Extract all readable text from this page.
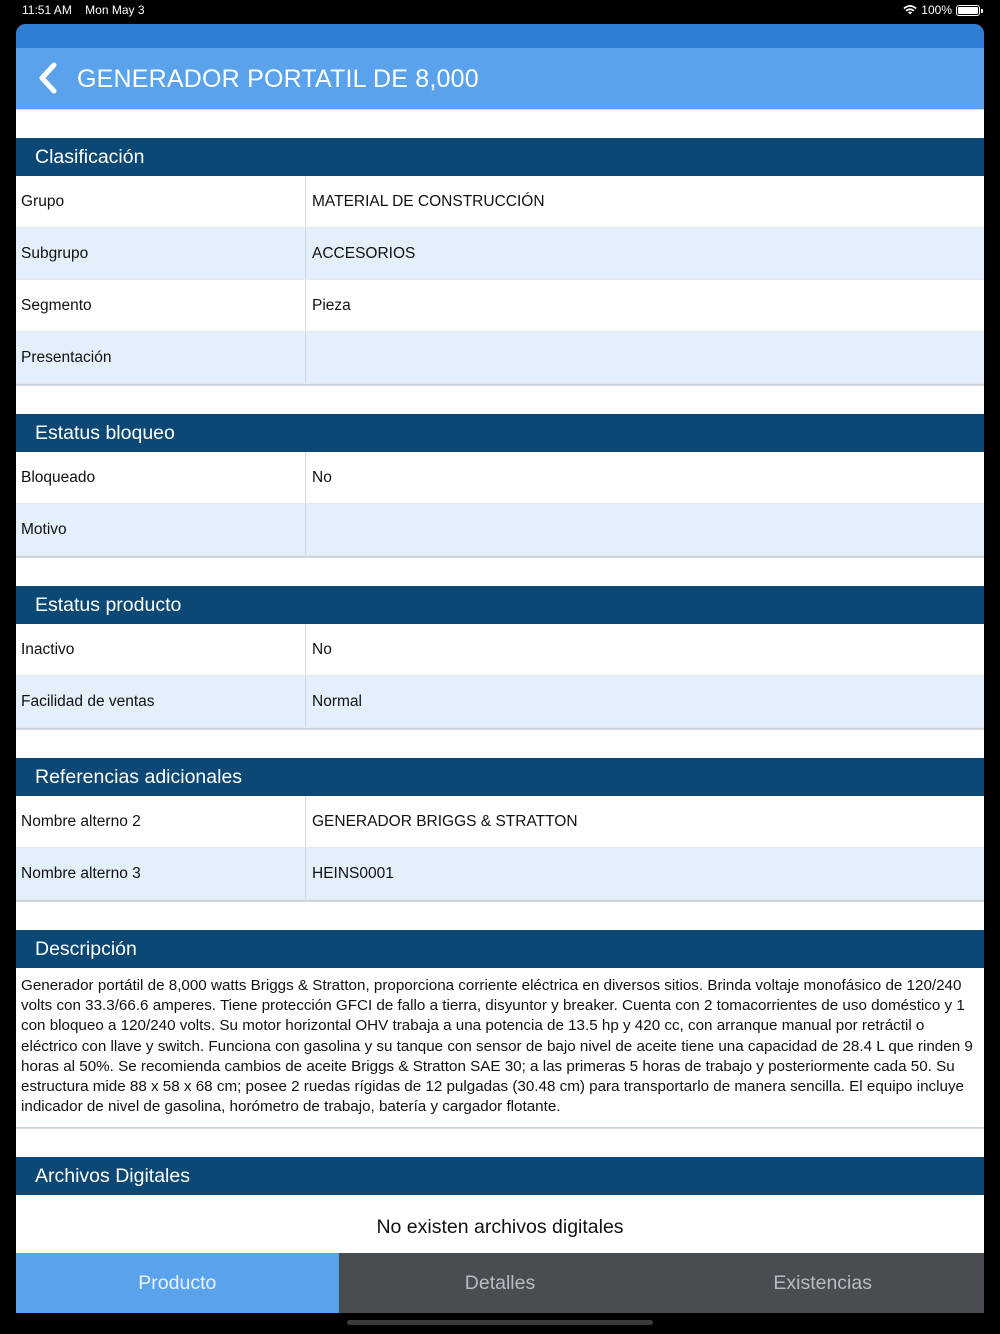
11:51 AM Mon May 3	100%
GENERADOR PORTATIL DE 8,000
Clasificación
Grupo	MATERIAL DE CONSTRUCCIÓN
Subgrupo	ACCESORIOS
Segmento	Pieza
Presentación
Estatus bloqueo
Bloqueado	No
Motivo
Estatus producto
Inactivo	No
Facilidad de ventas	Normal
Referencias adicionales
Nombre alterno 2	GENERADOR BRIGGS & STRATTON
Nombre alterno 3	HEINS0001
Descripción
Generador portátil de 8,000 watts Briggs & Stratton, proporciona corriente eléctrica en diversos sitios. Brinda voltaje monofásico de 120/240 volts con 33.3/66.6 amperes. Tiene protección GFCI de fallo a tierra, disyuntor y breaker. Cuenta con 2 tomacorrientes de uso doméstico y 1 con bloqueo a 120/240 volts. Su motor horizontal OHV trabaja a una potencia de 13.5 hp y 420 cc, con arranque manual por retráctil o eléctrico con llave y switch. Funciona con gasolina y su tanque con sensor de bajo nivel de aceite tiene una capacidad de 28.4 L que rinden 9 horas al 50%. Se recomienda cambios de aceite Briggs & Stratton SAE 30; a las primeras 5 horas de trabajo y posteriormente cada 50. Su estructura mide 88 x 58 x 68 cm; posee 2 ruedas rígidas de 12 pulgadas (30.48 cm) para transportarlo de manera sencilla. El equipo incluye indicador de nivel de gasolina, horómetro de trabajo, batería y cargador flotante.
Archivos Digitales
No existen archivos digitales
Producto	Detalles	Existencias
